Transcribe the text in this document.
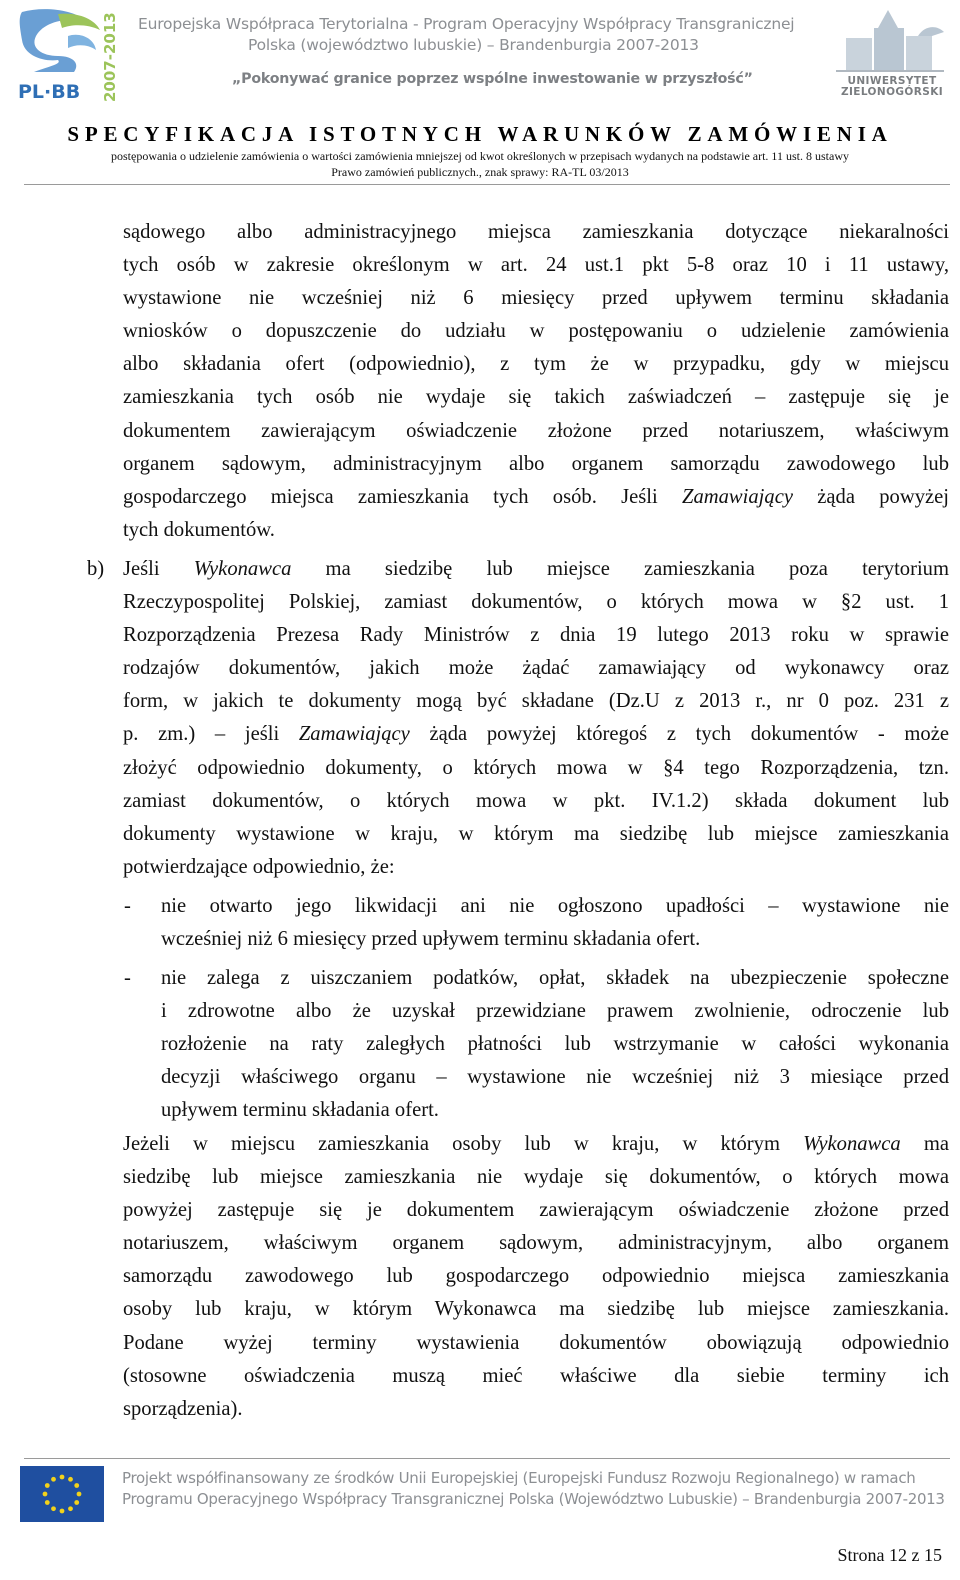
PL·BB 2007-2013 Europejska Współpraca Terytorialna - Program Operacyjny Współpracy Transgranicznej
Polska (województwo lubuskie) – Brandenburgia 2007-2013
„Pokonywać granice poprzez wspólne inwestowanie w przyszłość”	UNIWERSYTET ZIELONOGÓRSKI
SPECYFIKACJA ISTOTNYCH WARUNKÓW ZAMÓWIENIA
postępowania o udzielenie zamówienia o wartości zamówienia mniejszej od kwot określonych w przepisach wydanych na podstawie art. 11 ust. 8 ustawy
Prawo zamówień publicznych., znak sprawy: RA-TL 03/2013
sądowego albo administracyjnego miejsca zamieszkania dotyczące niekaralności
tych osób w zakresie określonym w art. 24 ust.1 pkt 5-8 oraz 10 i 11 ustawy,
wystawione nie wcześniej niż 6 miesięcy przed upływem terminu składania
wniosków o dopuszczenie do udziału w postępowaniu o udzielenie zamówienia
albo składania ofert (odpowiednio), z tym że w przypadku, gdy w miejscu
zamieszkania tych osób nie wydaje się takich zaświadczeń – zastępuje się je
dokumentem zawierającym oświadczenie złożone przed notariuszem, właściwym
organem sądowym, administracyjnym albo organem samorządu zawodowego lub
gospodarczego miejsca zamieszkania tych osób. Jeśli Zamawiający żąda powyżej
tych dokumentów.
b) Jeśli Wykonawca ma siedzibę lub miejsce zamieszkania poza terytorium
Rzeczypospolitej Polskiej, zamiast dokumentów, o których mowa w §2 ust. 1
Rozporządzenia Prezesa Rady Ministrów z dnia 19 lutego 2013 roku w sprawie
rodzajów dokumentów, jakich może żądać zamawiający od wykonawcy oraz
form, w jakich te dokumenty mogą być składane (Dz.U z 2013 r., nr 0 poz. 231 z
p. zm.) – jeśli Zamawiający żąda powyżej któregoś z tych dokumentów - może
złożyć odpowiednio dokumenty, o których mowa w §4 tego Rozporządzenia, tzn.
zamiast dokumentów, o których mowa w pkt. IV.1.2) składa dokument lub
dokumenty wystawione w kraju, w którym ma siedzibę lub miejsce zamieszkania
potwierdzające odpowiednio, że:
- nie otwarto jego likwidacji ani nie ogłoszono upadłości – wystawione nie
wcześniej niż 6 miesięcy przed upływem terminu składania ofert.
- nie zalega z uiszczaniem podatków, opłat, składek na ubezpieczenie społeczne
i zdrowotne albo że uzyskał przewidziane prawem zwolnienie, odroczenie lub
rozłożenie na raty zaległych płatności lub wstrzymanie w całości wykonania
decyzji właściwego organu – wystawione nie wcześniej niż 3 miesiące przed
upływem terminu składania ofert.
Jeżeli w miejscu zamieszkania osoby lub w kraju, w którym Wykonawca ma
siedzibę lub miejsce zamieszkania nie wydaje się dokumentów, o których mowa
powyżej zastępuje się je dokumentem zawierającym oświadczenie złożone przed
notariuszem, właściwym organem sądowym, administracyjnym, albo organem
samorządu zawodowego lub gospodarczego odpowiednio miejsca zamieszkania
osoby lub kraju, w którym Wykonawca ma siedzibę lub miejsce zamieszkania.
Podane wyżej terminy wystawienia dokumentów obowiązują odpowiednio
(stosowne oświadczenia muszą mieć właściwe dla siebie terminy ich
sporządzenia).
Projekt współfinansowany ze środków Unii Europejskiej (Europejski Fundusz Rozwoju Regionalnego) w ramach
Programu Operacyjnego Współpracy Transgranicznej Polska (Województwo Lubuskie) – Brandenburgia 2007-2013
Strona 12 z 15
